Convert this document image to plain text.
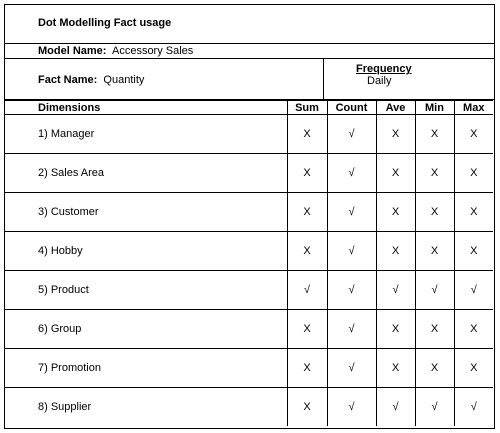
Dot Modelling Fact usage
Model Name: Accessory Sales
Fact Name: Quantity
Frequency
Daily
Dimensions	Sum	Count	Ave	Min	Max
1) Manager	X	√	X	X	X
2) Sales Area	X	√	X	X	X
3) Customer	X	√	X	X	X
4) Hobby	X	√	X	X	X
5) Product	√	√	√	√	√
6) Group	X	√	X	X	X
7) Promotion	X	√	X	X	X
8) Supplier	X	√	√	√	√
